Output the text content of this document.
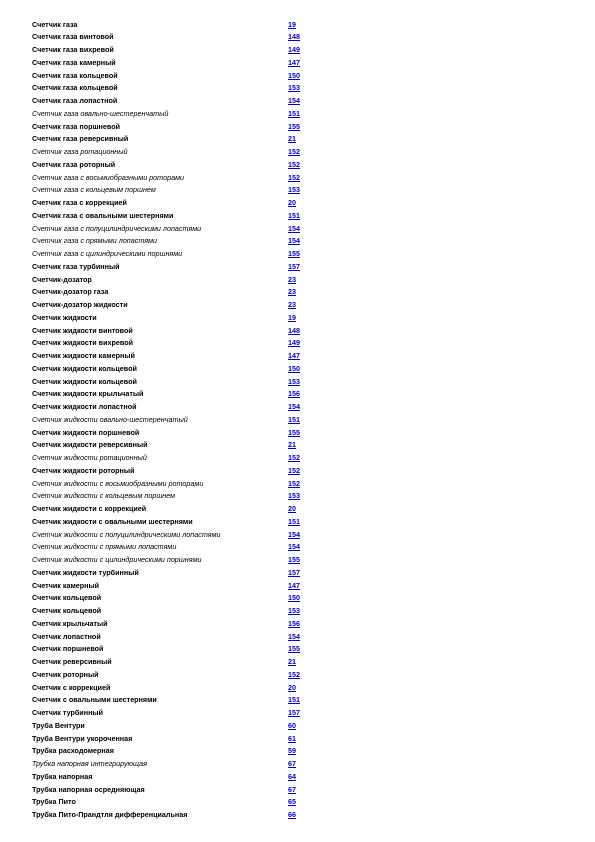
Счетчик газа	19
Счетчик газа винтовой	148
Счетчик газа вихревой	149
Счетчик газа камерный	147
Счетчик газа кольцевой	150
Счетчик газа кольцевой	153
Счетчик газа лопастной	154
Счетчик газа овально-шестеренчатый	151
Счетчик газа поршневой	155
Счетчик газа реверсивный	21
Счетчик газа ротационный	152
Счетчик газа роторный	152
Счетчик газа с восьмиобразными роторами	152
Счетчик газа с кольцевым поршнем	153
Счетчик газа с коррекцией	20
Счетчик газа с овальными шестернями	151
Счетчик газа с полуцилиндрическими лопастями	154
Счетчик газа с прямыми лопастями	154
Счетчик газа с цилиндрическими поршнями	155
Счетчик газа турбинный	157
Счетчик-дозатор	23
Счетчик-дозатор газа	23
Счетчик-дозатор жидкости	23
Счетчик жидкости	19
Счетчик жидкости винтовой	148
Счетчик жидкости вихревой	149
Счетчик жидкости камерный	147
Счетчик жидкости кольцевой	150
Счетчик жидкости кольцевой	153
Счетчик жидкости крыльчатый	156
Счетчик жидкости лопастной	154
Счетчик жидкости овально-шестеренчатый	151
Счетчик жидкости поршневой	155
Счетчик жидкости реверсивный	21
Счетчик жидкости ротационный	152
Счетчик жидкости роторный	152
Счетчик жидкости с восьмиобразными роторами	152
Счетчик жидкости с кольцевым поршнем	153
Счетчик жидкости с коррекцией	20
Счетчик жидкости с овальными шестернями	151
Счетчик жидкости с полуцилиндрическими лопастями	154
Счетчик жидкости с прямыми лопастями	154
Счетчик жидкости с цилиндрическими поршнями	155
Счетчик жидкости турбинный	157
Счетчик камерный	147
Счетчик кольцевой	150
Счетчик кольцевой	153
Счетчик крыльчатый	156
Счетчик лопастной	154
Счетчик поршневой	155
Счетчик реверсивный	21
Счетчик роторный	152
Счетчик с коррекцией	20
Счетчик с овальными шестернями	151
Счетчик турбинный	157
Труба Вентури	60
Труба Вентури укороченная	61
Трубка расходомерная	59
Трубка напорная интегрирующая	67
Трубка напорная	64
Трубка напорная осредняющая	67
Трубка Пито	65
Трубка Пито-Прандтля дифференциальная	66
